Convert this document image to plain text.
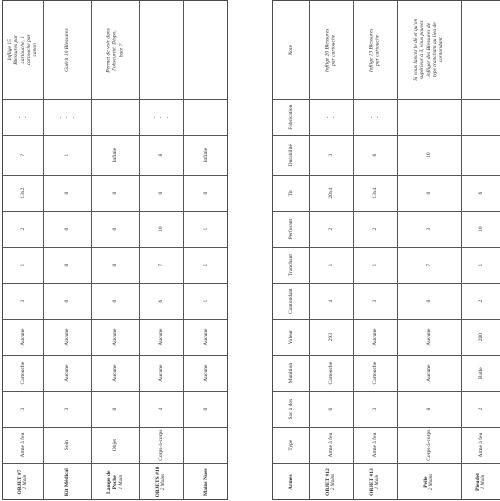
Inflige 15 Blessures par cartouche, 1 cartouche par canon
-
-
?
13x2
2
1
3
Aucune
Cartouche
3
Arme à feu
OBJET #7 1 Main
Guérit 10 Blessures
-
-
-
1
0
0
0
0
Aucune
Aucune
3
Soin
Kit Médical
Permet de voir dans l'obscurité. Dispo, bute ?
Infinie
0
0
0
0
Aucune
Aucune
0
Objet
Lampe de Poche 1 Main
-
-
-
8
0
10
7
6
Aucune
Aucune
4
Corps-à-corps
OBJETS #10 2 Mains
Infinie
0
1
1
1
Aucune
Aucune
0
Mains Nues
Note
Fabrication
Durabilité
Tir
Perforant
Tranchant
Contondant
Valeur
Munition
Sac à dos
Type
Armes
Inflige 20 Blessures par cartouche
-
-
3
20x4
2
1
4
293
Cartouche
6
Arme à feu
OBJET #12 2 Mains
Inflige 13 Blessures par cartouche
-
-
6
13x4
2
1
3
Aucune
Cartouche
3
Arme à feu
OBJET #13 1 Main
Si vous lancez le dé et qu'on supérieur à 3, vous pouvez infliger des Blessures de type tranchant au lieu de contondant
10
0
3
7
8
Aucune
Aucune
8
Corps-à-corps
Pelle 2 Mains
6
10
1
2
200
Balle
2
Arme à feu
Pieudet 1 Main
